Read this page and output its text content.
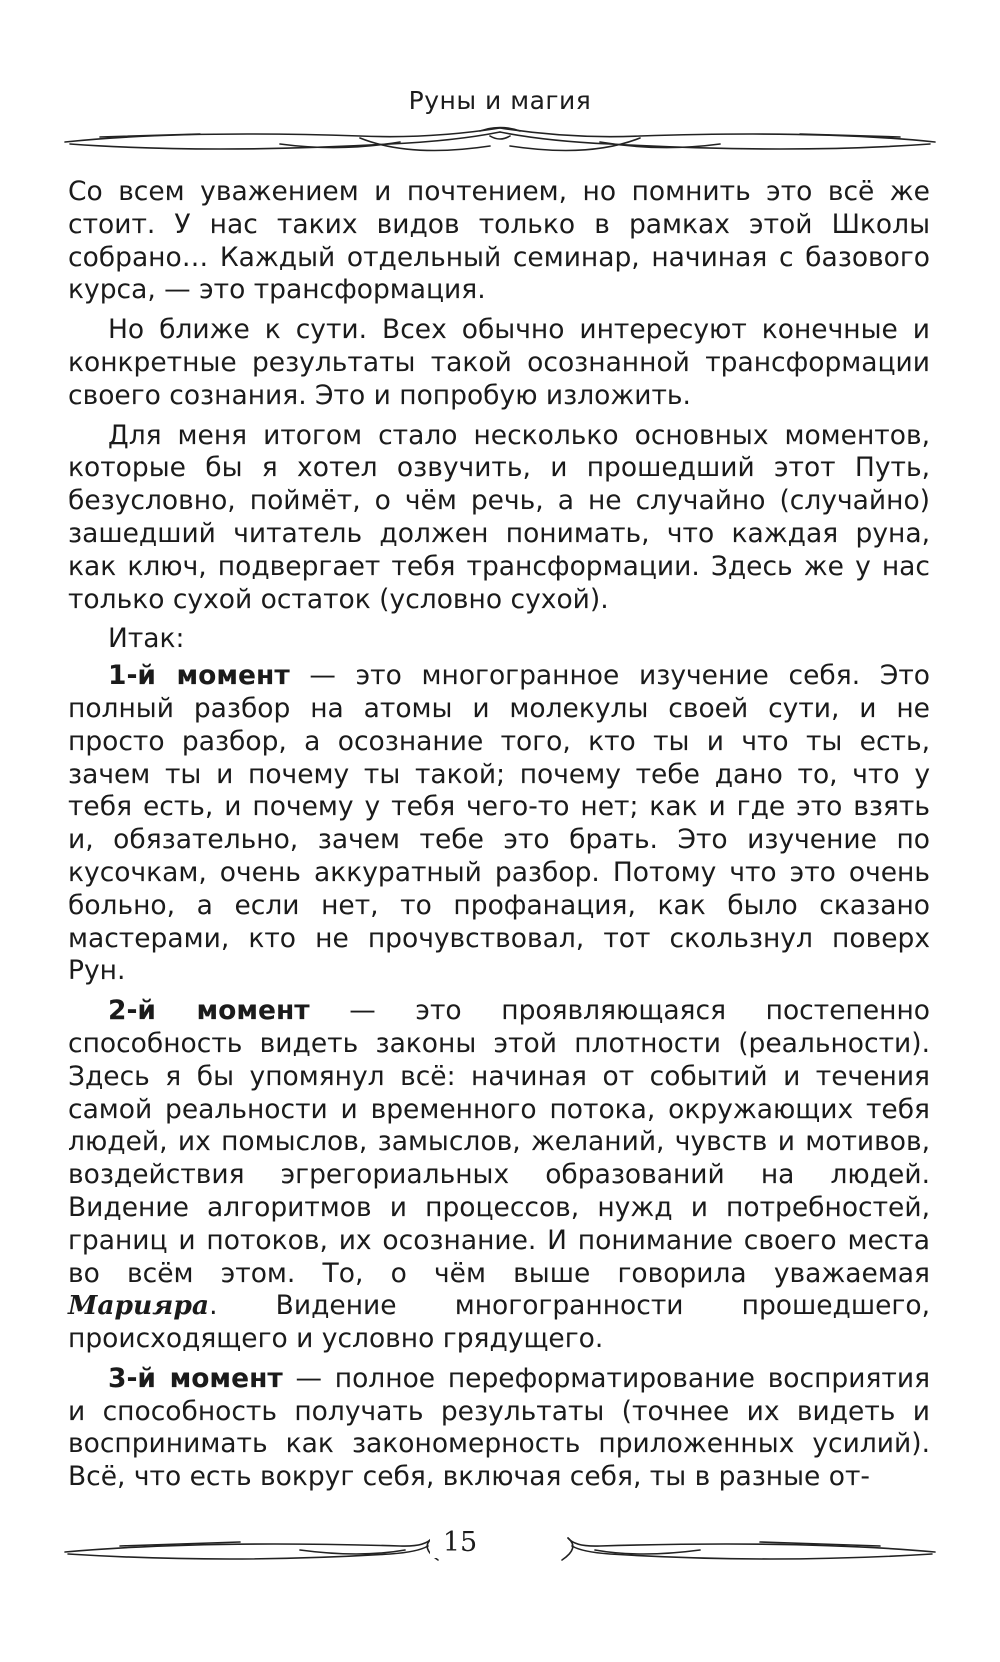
Руны и магия

Со всем уважением и почтением, но помнить это всё же стоит. У нас таких видов только в рамках этой Школы собрано… Каждый отдельный семинар, начиная с базового курса, — это трансформация.

Но ближе к сути. Всех обычно интересуют конечные и конкретные результаты такой осознанной трансформации своего сознания. Это и попробую изложить.

Для меня итогом стало несколько основных моментов, которые бы я хотел озвучить, и прошедший этот Путь, безусловно, поймёт, о чём речь, а не случайно (случайно) зашедший читатель должен понимать, что каждая руна, как ключ, подвергает тебя трансформации. Здесь же у нас только сухой остаток (условно сухой).

Итак:

1-й момент — это многогранное изучение себя. Это полный разбор на атомы и молекулы своей сути, и не просто разбор, а осознание того, кто ты и что ты есть, зачем ты и почему ты такой; почему тебе дано то, что у тебя есть, и почему у тебя чего-то нет; как и где это взять и, обязательно, зачем тебе это брать. Это изучение по кусочкам, очень аккуратный разбор. Потому что это очень больно, а если нет, то профанация, как было сказано мастерами, кто не прочувствовал, тот скользнул поверх Рун.

2-й момент — это проявляющаяся постепенно способность видеть законы этой плотности (реальности). Здесь я бы упомянул всё: начиная от событий и течения самой реальности и временного потока, окружающих тебя людей, их помыслов, замыслов, желаний, чувств и мотивов, воздействия эгрегориальных образований на людей. Видение алгоритмов и процессов, нужд и потребностей, границ и потоков, их осознание. И понимание своего места во всём этом. То, о чём выше говорила уважаемая Марияра. Видение многогранности прошедшего, происходящего и условно грядущего.

3-й момент — полное переформатирование восприятия и способность получать результаты (точнее их видеть и воспринимать как закономерность приложенных усилий). Всё, что есть вокруг себя, включая себя, ты в разные от-

15
